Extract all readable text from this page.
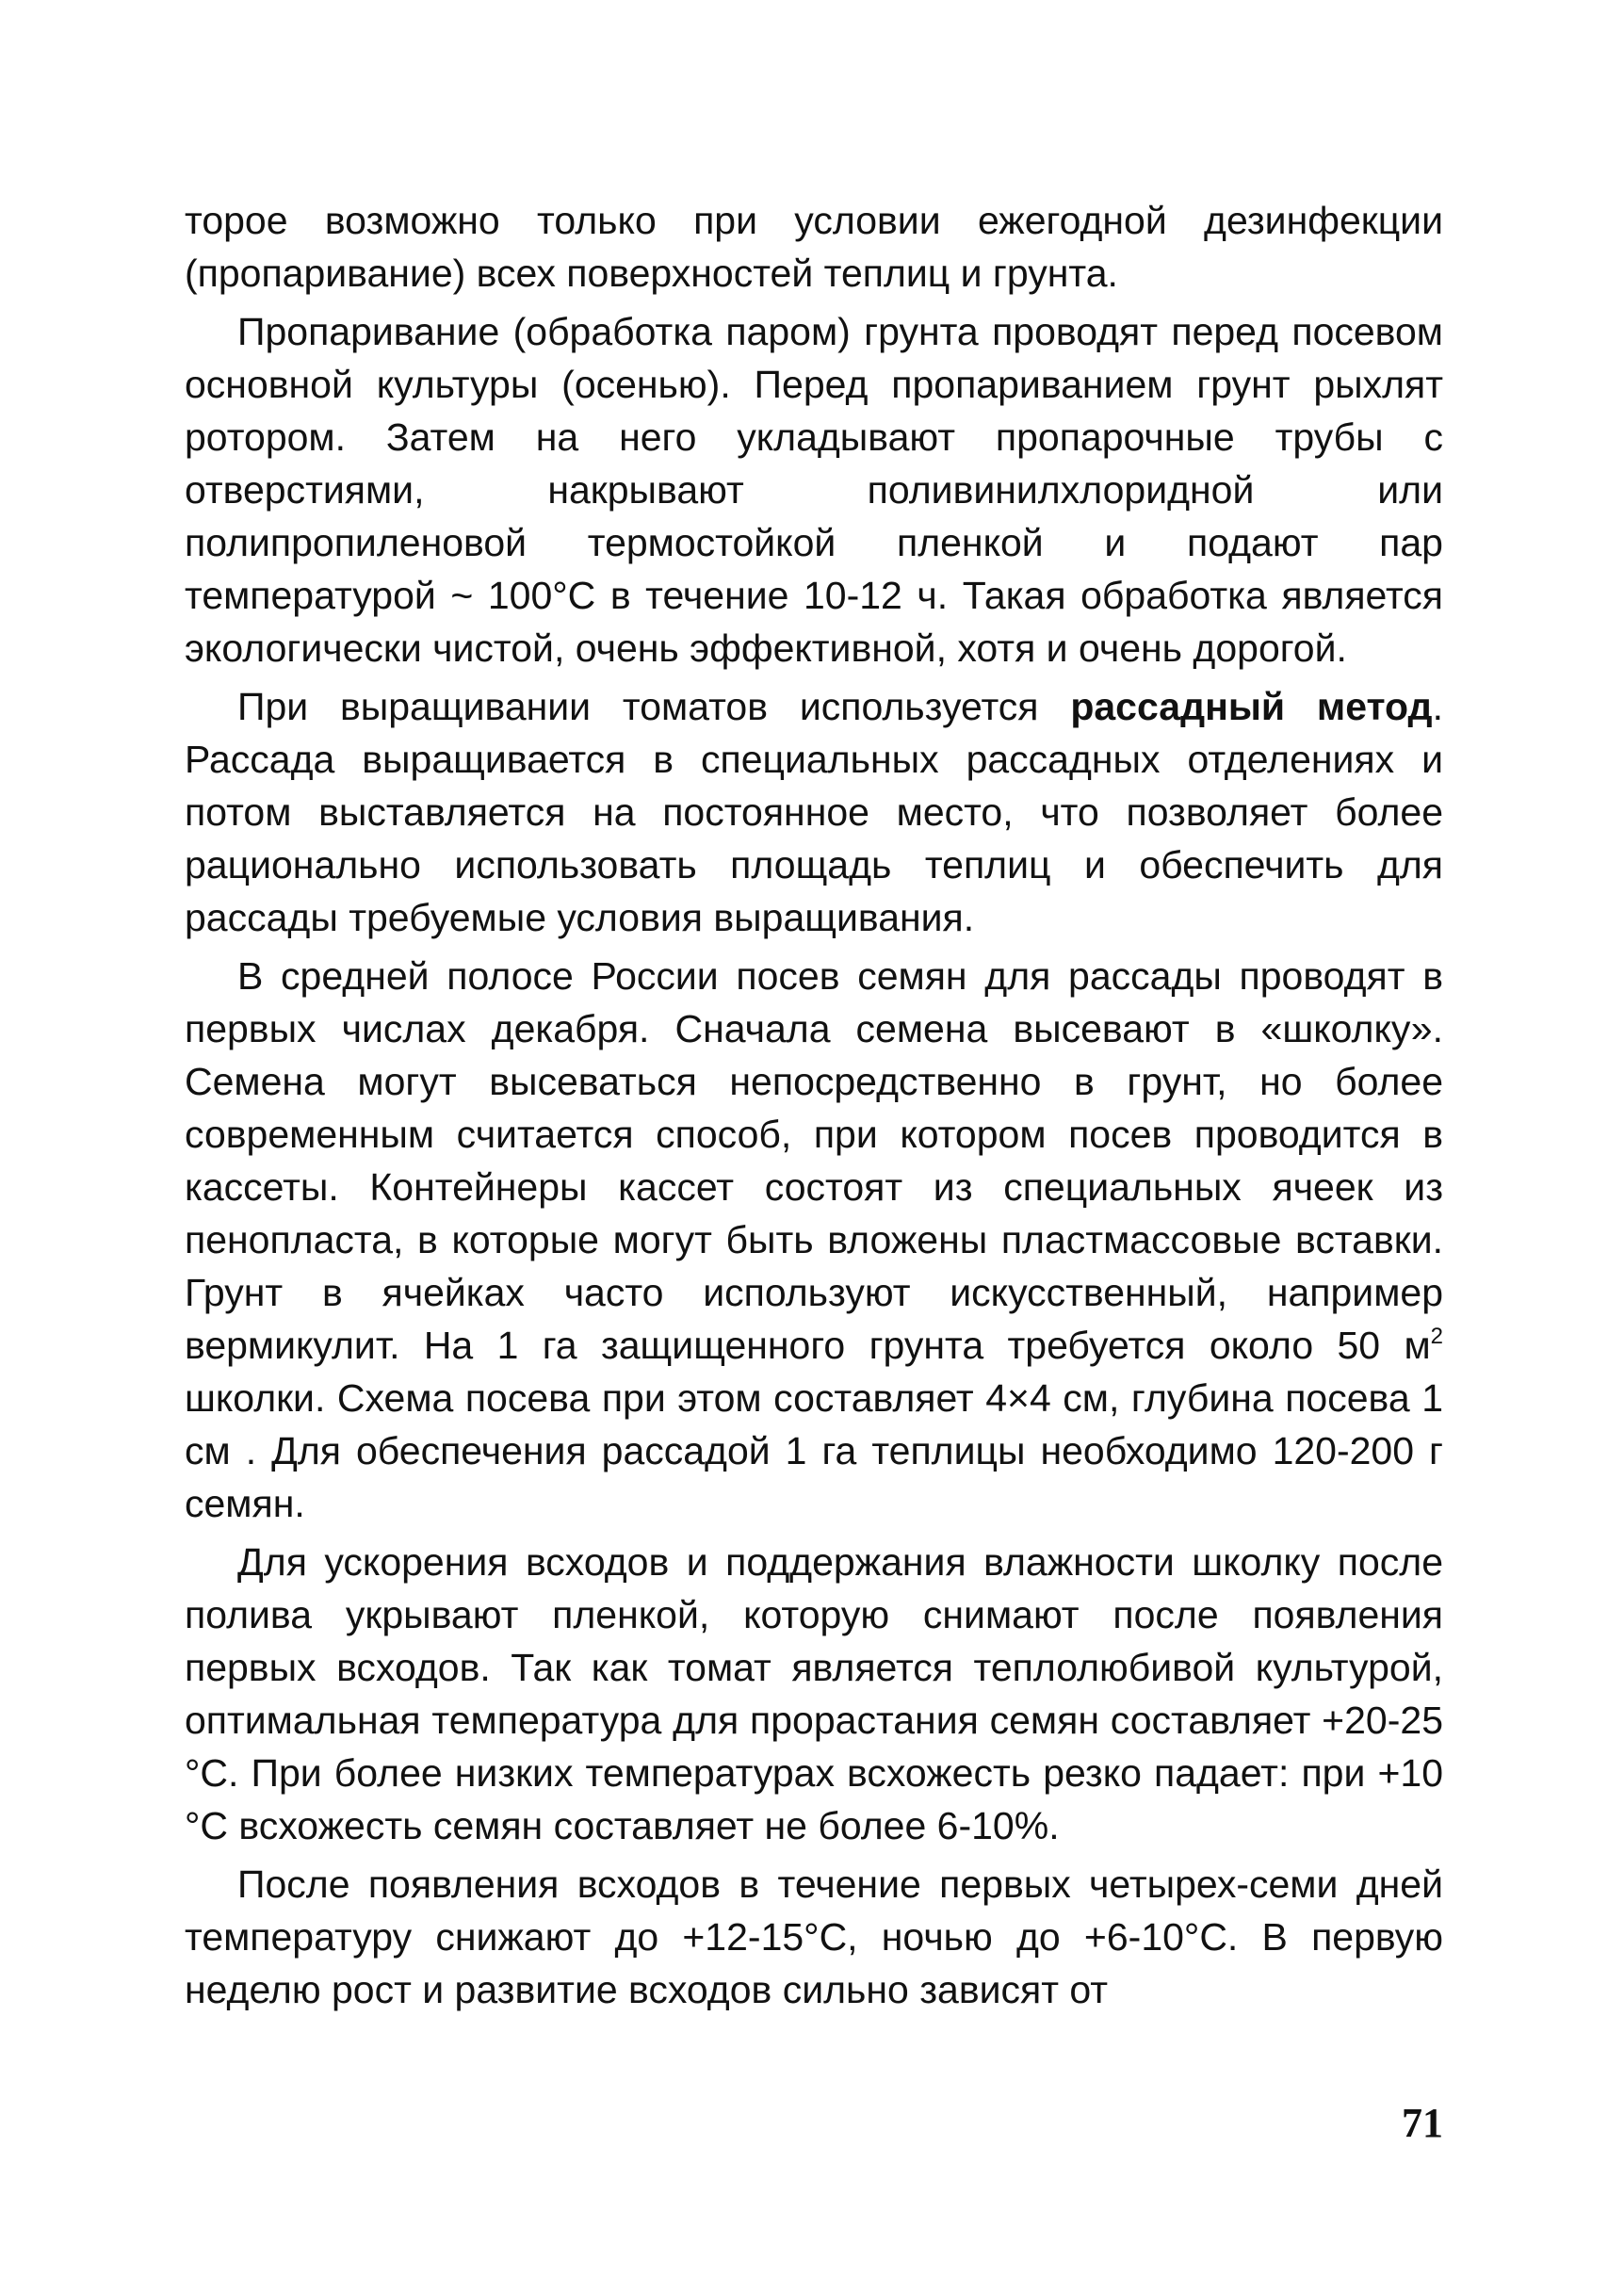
торое возможно только при условии ежегодной дезинфекции (пропаривание) всех поверхностей теплиц и грунта.

Пропаривание (обработка паром) грунта проводят перед посевом основной культуры (осенью). Перед пропариванием грунт рыхлят ротором. Затем на него укладывают пропарочные трубы с отверстиями, накрывают поливинилхлоридной или полипропиленовой термостойкой пленкой и подают пар температурой ~ 100°С в течение 10-12 ч. Такая обработка является экологически чистой, очень эффективной, хотя и очень дорогой.

При выращивании томатов используется рассадный метод. Рассада выращивается в специальных рассадных отделениях и потом выставляется на постоянное место, что позволяет более рационально использовать площадь теплиц и обеспечить для рассады требуемые условия выращивания.

В средней полосе России посев семян для рассады проводят в первых числах декабря. Сначала семена высевают в «школку». Семена могут высеваться непосредственно в грунт, но более современным считается способ, при котором посев проводится в кассеты. Контейнеры кассет состоят из специальных ячеек из пенопласта, в которые могут быть вложены пластмассовые вставки. Грунт в ячейках часто используют искусственный, например вермикулит. На 1 га защищенного грунта требуется около 50 $м^2$ школки. Схема посева при этом составляет 4×4 см, глубина посева 1 см . Для обеспечения рассадой 1 га теплицы необходимо 120-200 г семян.

Для ускорения всходов и поддержания влажности школку после полива укрывают пленкой, которую снимают после появления первых всходов. Так как томат является теплолюбивой культурой, оптимальная температура для прорастания семян составляет +20-25 °С. При более низких температурах всхожесть резко падает: при +10 °С всхожесть семян составляет не более 6-10%.

После появления всходов в течение первых четырех-семи дней температуру снижают до +12-15°С, ночью до +6-10°С. В первую неделю рост и развитие всходов сильно зависят от

71
